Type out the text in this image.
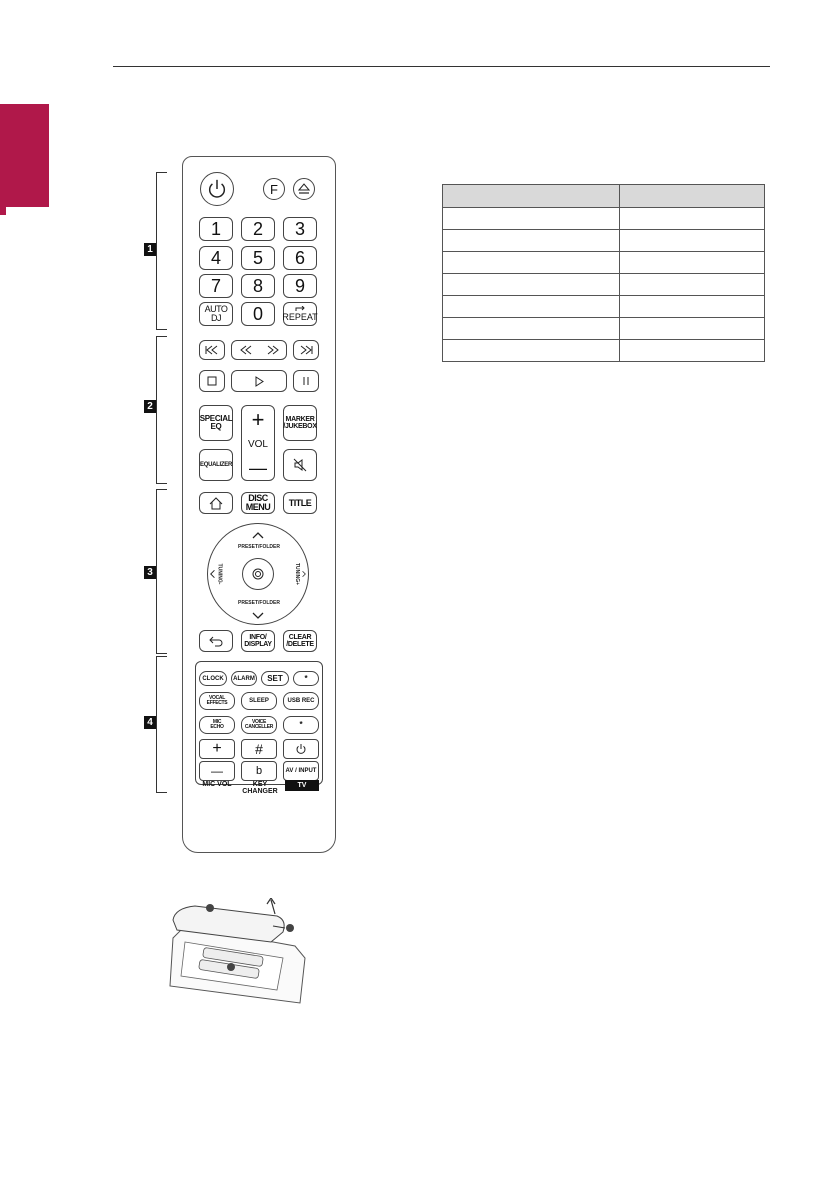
1
2
3
4
F
1	2	3
4	5	6
7	8	9
AUTO DJ	0	REPEAT
SPECIAL
EQ	+
VOL
—
MARKER
/JUKEBOX
EQUALIZER
DISC
MENU	TITLE
PRESET/FOLDER
PRESET/FOLDER
TUNING-	TUNING+
INFO/
DISPLAY
CLEAR
/DELETE
CLOCK	ALARM	SET	*
VOCAL
EFFECTS	SLEEP	USB REC
MIC
ECHO
VOICE
CANCELLER	*
+
—
#
b	AV / INPUT
MIC VOL	KEY CHANGER
TV
